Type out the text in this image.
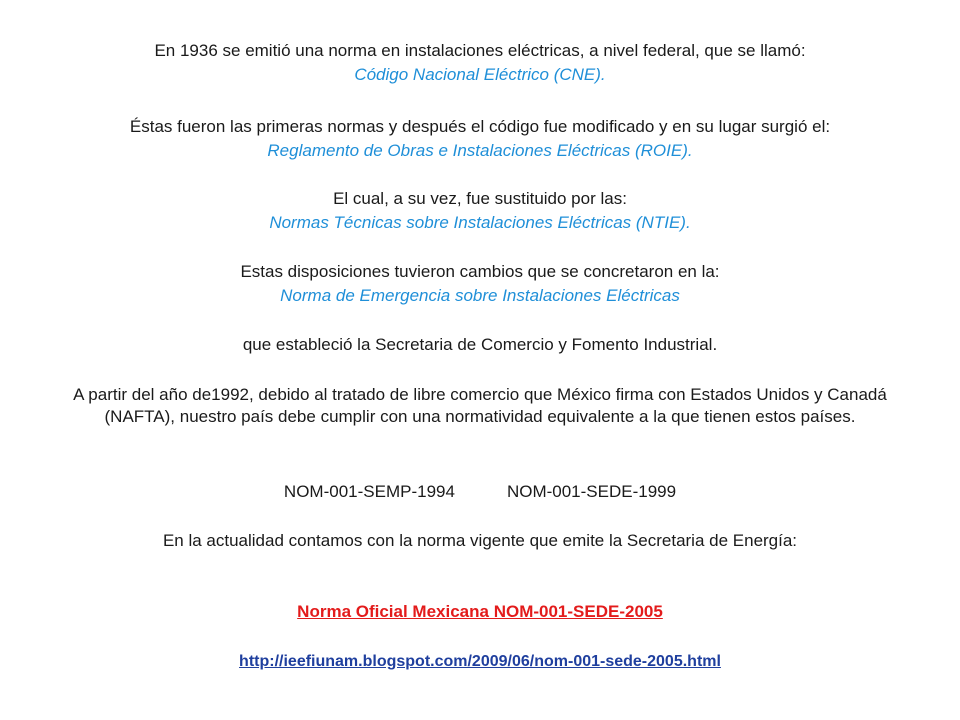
En 1936 se emitió una norma en instalaciones eléctricas, a nivel federal, que se llamó:
Código Nacional Eléctrico (CNE).
Éstas fueron las primeras normas y después el código fue modificado y en su lugar surgió el:
Reglamento de Obras e Instalaciones Eléctricas (ROIE).
El cual, a su vez, fue sustituido por las:
Normas Técnicas sobre Instalaciones Eléctricas (NTIE).
Estas disposiciones tuvieron cambios que se concretaron en la:
Norma de Emergencia sobre Instalaciones Eléctricas
que estableció la Secretaria de Comercio y Fomento Industrial.
A partir del año de1992, debido al tratado de libre comercio que México firma con Estados Unidos y Canadá (NAFTA), nuestro país debe cumplir con una normatividad equivalente a la que tienen estos países.
NOM-001-SEMP-1994	NOM-001-SEDE-1999
En la actualidad contamos con la norma vigente que emite la Secretaria de Energía:
Norma Oficial Mexicana NOM-001-SEDE-2005
http://ieefiunam.blogspot.com/2009/06/nom-001-sede-2005.html
